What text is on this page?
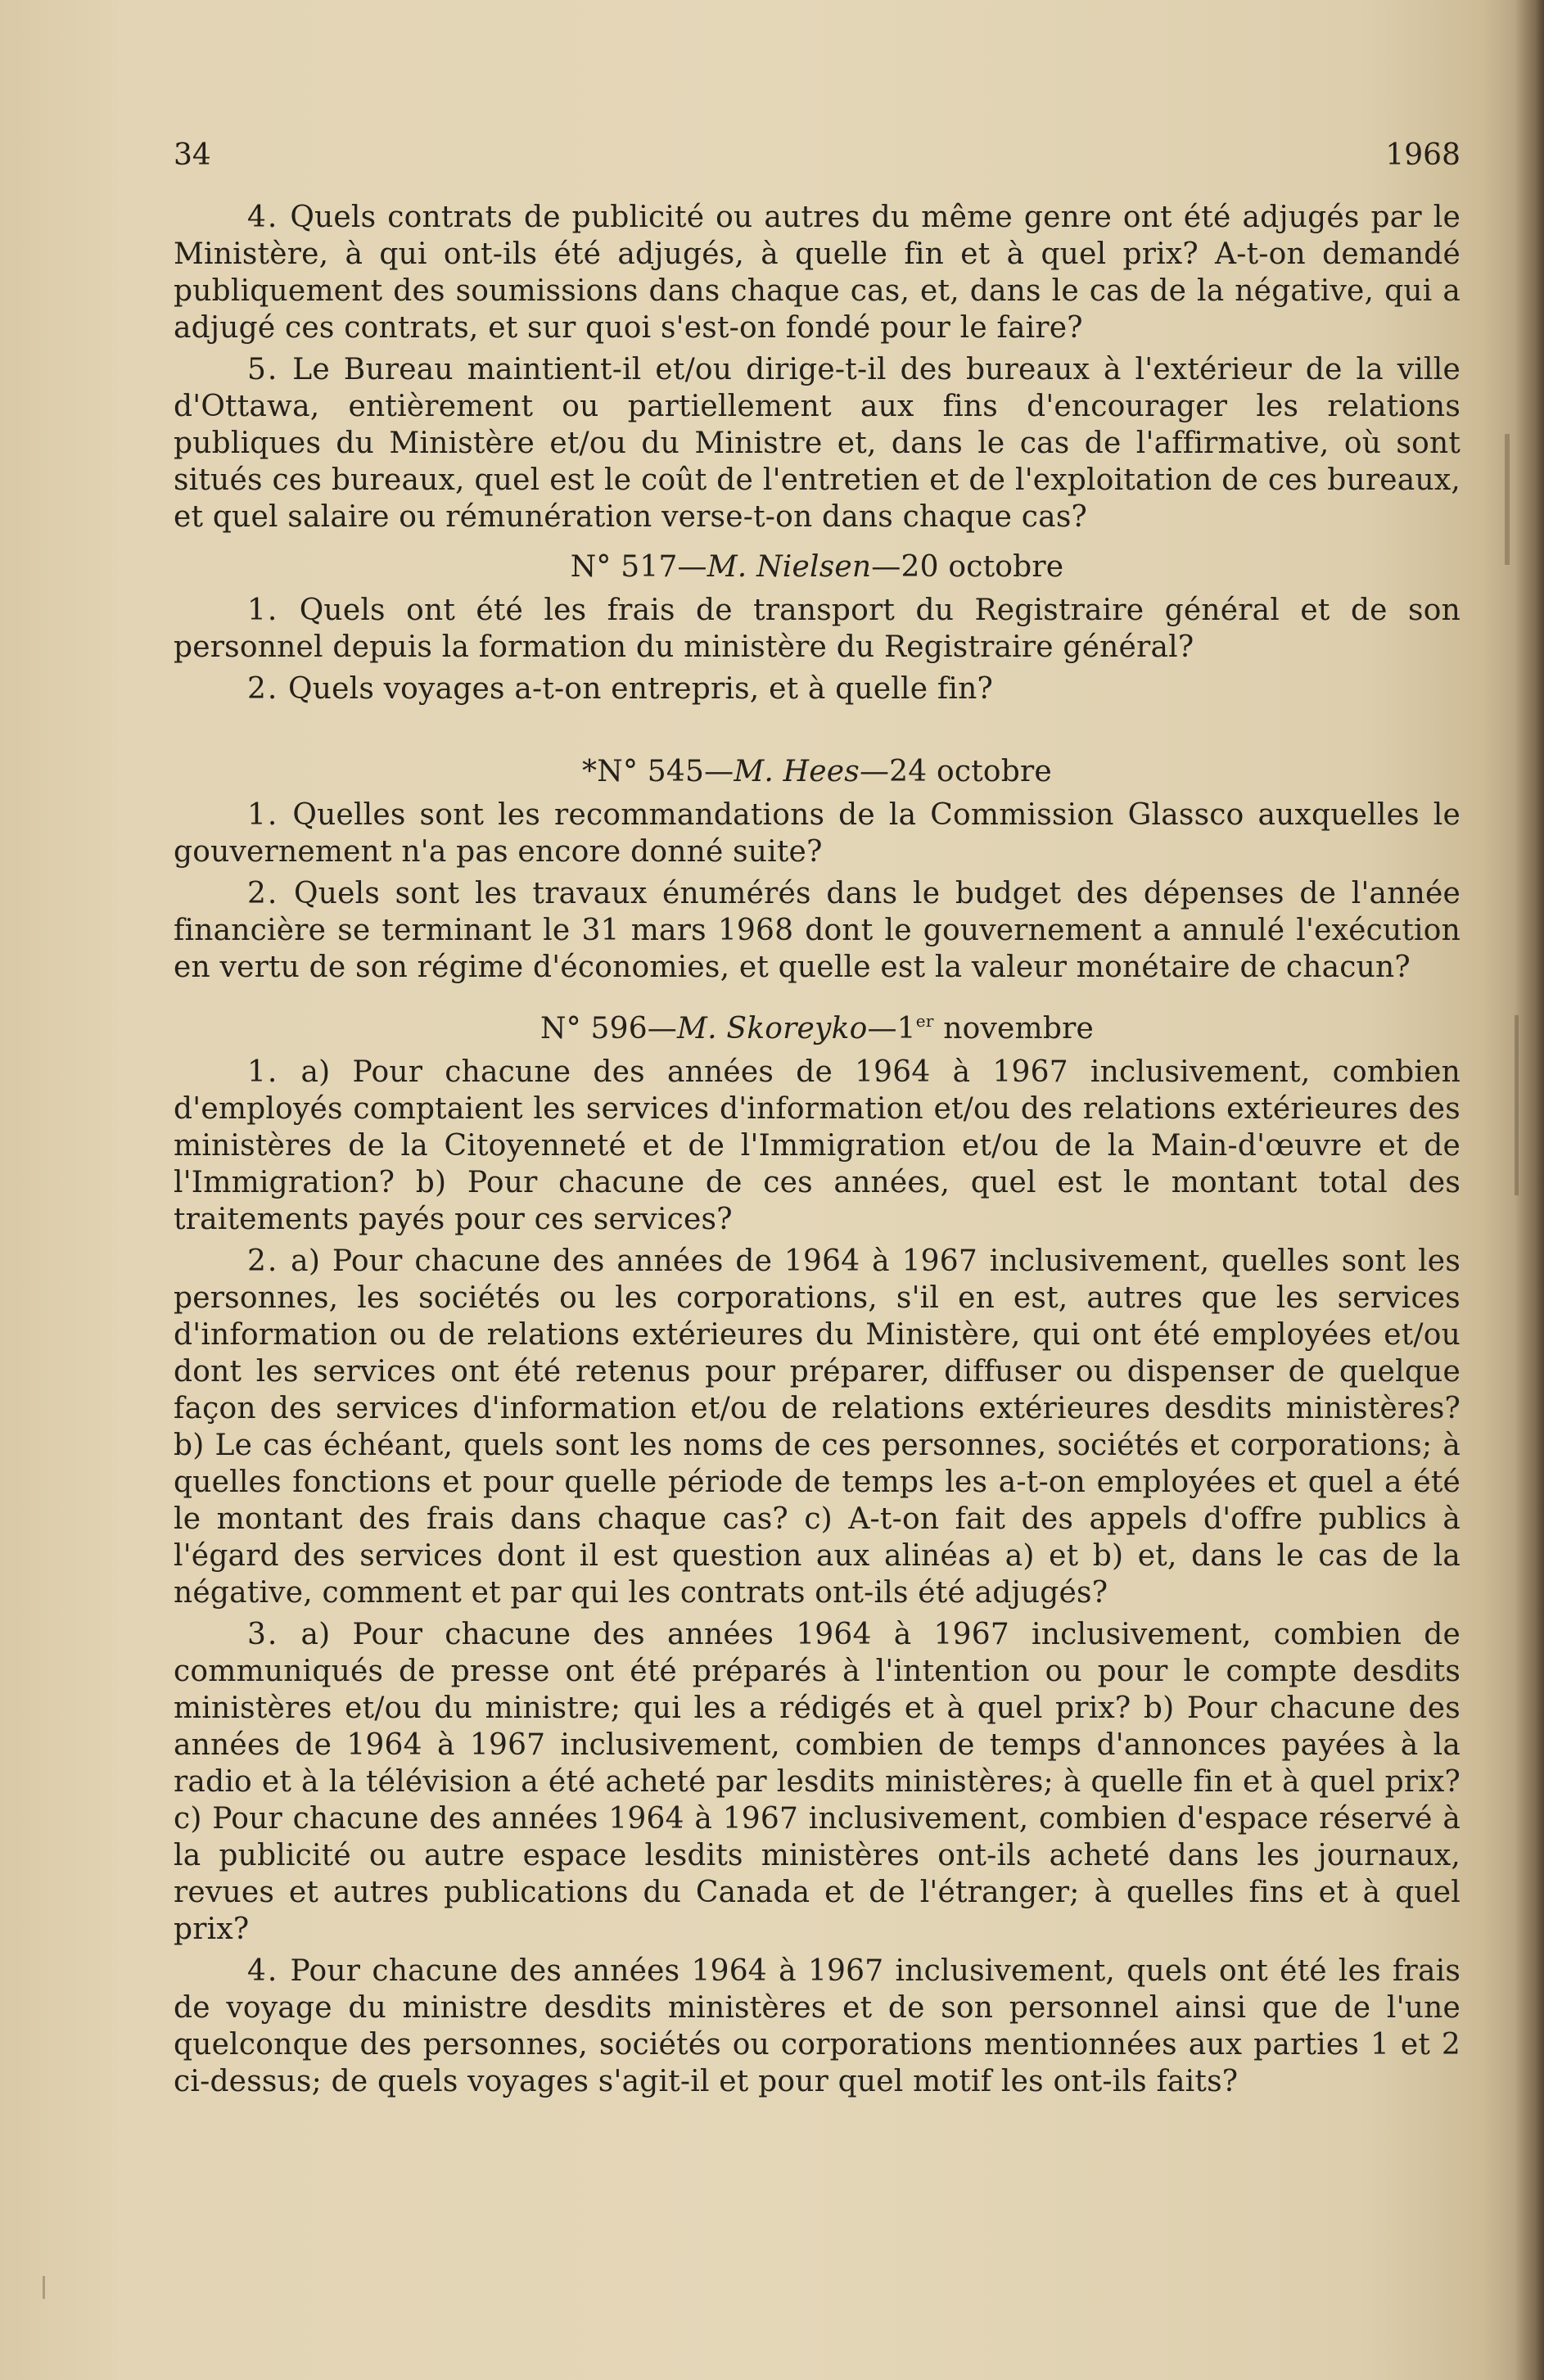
34	1968

4. Quels contrats de publicité ou autres du même genre ont été adjugés par le Ministère, à qui ont-ils été adjugés, à quelle fin et à quel prix? A-t-on demandé publiquement des soumissions dans chaque cas, et, dans le cas de la négative, qui a adjugé ces contrats, et sur quoi s'est-on fondé pour le faire?

5. Le Bureau maintient-il et/ou dirige-t-il des bureaux à l'extérieur de la ville d'Ottawa, entièrement ou partiellement aux fins d'encourager les relations publiques du Ministère et/ou du Ministre et, dans le cas de l'affirmative, où sont situés ces bureaux, quel est le coût de l'entretien et de l'exploitation de ces bureaux, et quel salaire ou rémunération verse-t-on dans chaque cas?

N° 517—M. Nielsen—20 octobre

1. Quels ont été les frais de transport du Registraire général et de son personnel depuis la formation du ministère du Registraire général?

2. Quels voyages a-t-on entrepris, et à quelle fin?

*N° 545—M. Hees—24 octobre

1. Quelles sont les recommandations de la Commission Glassco auxquelles le gouvernement n'a pas encore donné suite?

2. Quels sont les travaux énumérés dans le budget des dépenses de l'année financière se terminant le 31 mars 1968 dont le gouvernement a annulé l'exécution en vertu de son régime d'économies, et quelle est la valeur monétaire de chacun?

N° 596—M. Skoreyko—1er novembre

1. a) Pour chacune des années de 1964 à 1967 inclusivement, combien d'employés comptaient les services d'information et/ou des relations extérieures des ministères de la Citoyenneté et de l'Immigration et/ou de la Main-d'œuvre et de l'Immigration? b) Pour chacune de ces années, quel est le montant total des traitements payés pour ces services?

2. a) Pour chacune des années de 1964 à 1967 inclusivement, quelles sont les personnes, les sociétés ou les corporations, s'il en est, autres que les services d'information ou de relations extérieures du Ministère, qui ont été employées et/ou dont les services ont été retenus pour préparer, diffuser ou dispenser de quelque façon des services d'information et/ou de relations extérieures desdits ministères? b) Le cas échéant, quels sont les noms de ces personnes, sociétés et corporations; à quelles fonctions et pour quelle période de temps les a-t-on employées et quel a été le montant des frais dans chaque cas? c) A-t-on fait des appels d'offre publics à l'égard des services dont il est question aux alinéas a) et b) et, dans le cas de la négative, comment et par qui les contrats ont-ils été adjugés?

3. a) Pour chacune des années 1964 à 1967 inclusivement, combien de communiqués de presse ont été préparés à l'intention ou pour le compte desdits ministères et/ou du ministre; qui les a rédigés et à quel prix? b) Pour chacune des années de 1964 à 1967 inclusivement, combien de temps d'annonces payées à la radio et à la télévision a été acheté par lesdits ministères; à quelle fin et à quel prix? c) Pour chacune des années 1964 à 1967 inclusivement, combien d'espace réservé à la publicité ou autre espace lesdits ministères ont-ils acheté dans les journaux, revues et autres publications du Canada et de l'étranger; à quelles fins et à quel prix?

4. Pour chacune des années 1964 à 1967 inclusivement, quels ont été les frais de voyage du ministre desdits ministères et de son personnel ainsi que de l'une quelconque des personnes, sociétés ou corporations mentionnées aux parties 1 et 2 ci-dessus; de quels voyages s'agit-il et pour quel motif les ont-ils faits?
